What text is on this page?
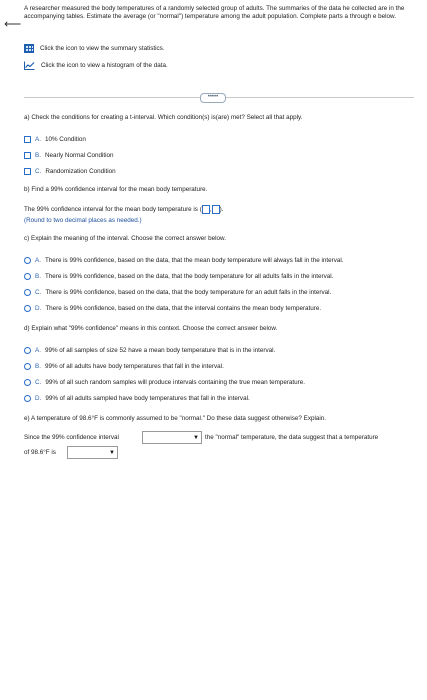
⟵
A researcher measured the body temperatures of a randomly selected group of adults. The summaries of the data he collected are in the accompanying tables. Estimate the average (or "normal") temperature among the adult population. Complete parts a through e below.
Click the icon to view the summary statistics.
Click the icon to view a histogram of the data.
•••••
a) Check the conditions for creating a t-interval. Which condition(s) is(are) met? Select all that apply.
A. 10% Condition
B. Nearly Normal Condition
C. Randomization Condition
b) Find a 99% confidence interval for the mean body temperature.
The 99% confidence interval for the mean body temperature is (	).
(Round to two decimal places as needed.)
c) Explain the meaning of the interval. Choose the correct answer below.
A. There is 99% confidence, based on the data, that the mean body temperature will always fall in the interval.
B. There is 99% confidence, based on the data, that the body temperature for all adults falls in the interval.
C. There is 99% confidence, based on the data, that the body temperature for an adult falls in the interval.
D. There is 99% confidence, based on the data, that the interval contains the mean body temperature.
d) Explain what "99% confidence" means in this context. Choose the correct answer below.
A. 99% of all samples of size 52 have a mean body temperature that is in the interval.
B. 99% of all adults have body temperatures that fall in the interval.
C. 99% of all such random samples will produce intervals containing the true mean temperature.
D. 99% of all adults sampled have body temperatures that fall in the interval.
e) A temperature of 98.6°F is commonly assumed to be "normal." Do these data suggest otherwise? Explain.
Since the 99% confidence interval	▼ the "normal" temperature, the data suggest that a temperature
of 98.6°F is	▼
